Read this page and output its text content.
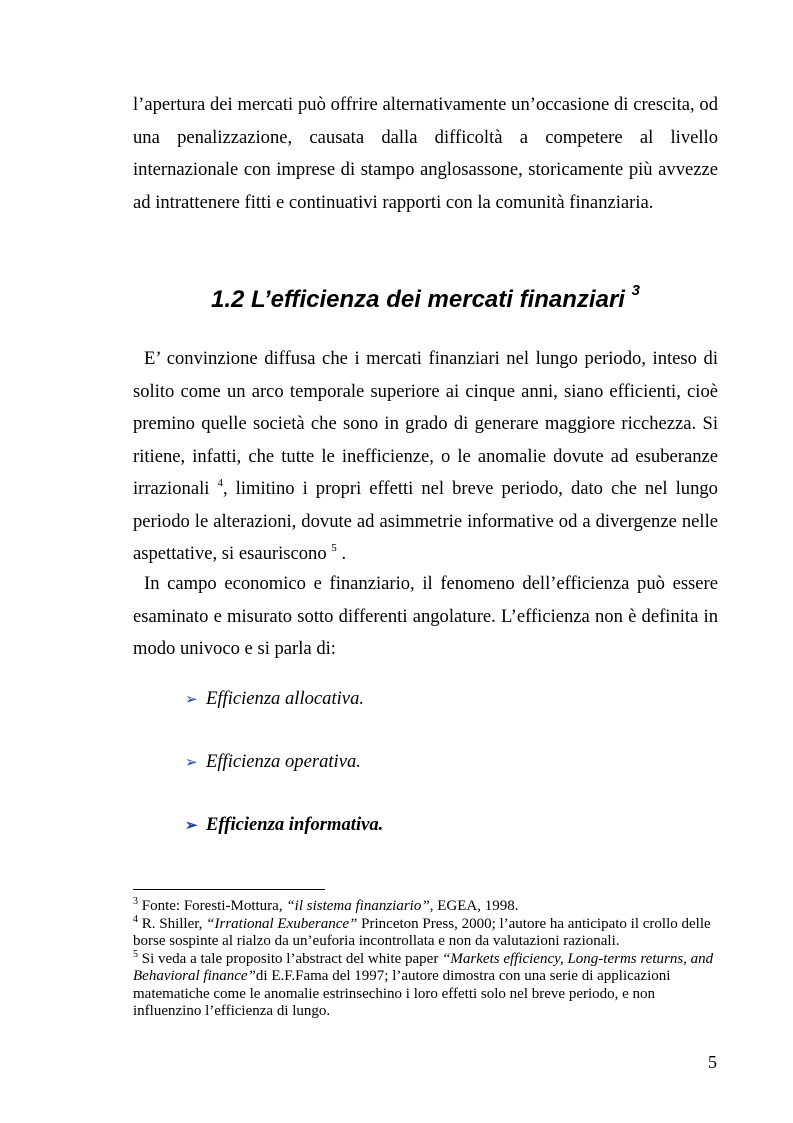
l’apertura dei mercati può offrire alternativamente un’occasione di crescita, od una penalizzazione, causata dalla difficoltà a competere al livello internazionale con imprese di stampo anglosassone, storicamente più avvezze ad intrattenere fitti e continuativi rapporti con la comunità finanziaria.

1.2 L’efficienza dei mercati finanziari $^3$

E’ convinzione diffusa che i mercati finanziari nel lungo periodo, inteso di solito come un arco temporale superiore ai cinque anni, siano efficienti, cioè premino quelle società che sono in grado di generare maggiore ricchezza. Si ritiene, infatti, che tutte le inefficienze, o le anomalie dovute ad esuberanze irrazionali $^4$, limitino i propri effetti nel breve periodo, dato che nel lungo periodo le alterazioni, dovute ad asimmetrie informative od a divergenze nelle aspettative, si esauriscono $^5$ .

In campo economico e finanziario, il fenomeno dell’efficienza può essere esaminato e misurato sotto differenti angolature. L’efficienza non è definita in modo univoco e si parla di:

➢ Efficienza allocativa.
➢ Efficienza operativa.
➢ Efficienza informativa.

$^3$ Fonte: Foresti-Mottura, “il sistema finanziario”, EGEA, 1998.

$^4$ R. Shiller, “Irrational Exuberance” Princeton Press, 2000; l’autore ha anticipato il crollo delle borse sospinte al rialzo da un’euforia incontrollata e non da valutazioni razionali.

$^5$ Si veda a tale proposito l’abstract del white paper “Markets efficiency, Long-terms returns, and Behavioral finance”di E.F.Fama del 1997; l’autore dimostra con una serie di applicazioni matematiche come le anomalie estrinsechino i loro effetti solo nel breve periodo, e non influenzino l’efficienza di lungo.

5
